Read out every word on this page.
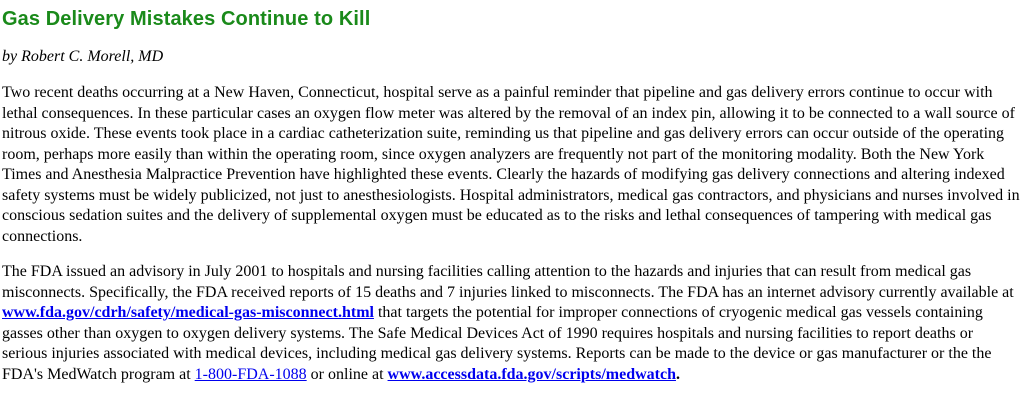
Gas Delivery Mistakes Continue to Kill

by Robert C. Morell, MD

Two recent deaths occurring at a New Haven, Connecticut, hospital serve as a painful reminder that pipeline and gas delivery errors continue to occur with lethal consequences. In these particular cases an oxygen flow meter was altered by the removal of an index pin, allowing it to be connected to a wall source of nitrous oxide. These events took place in a cardiac catheterization suite, reminding us that pipeline and gas delivery errors can occur outside of the operating room, perhaps more easily than within the operating room, since oxygen analyzers are frequently not part of the monitoring modality. Both the New York Times and Anesthesia Malpractice Prevention have highlighted these events. Clearly the hazards of modifying gas delivery connections and altering indexed safety systems must be widely publicized, not just to anesthesiologists. Hospital administrators, medical gas contractors, and physicians and nurses involved in conscious sedation suites and the delivery of supplemental oxygen must be educated as to the risks and lethal consequences of tampering with medical gas connections.

The FDA issued an advisory in July 2001 to hospitals and nursing facilities calling attention to the hazards and injuries that can result from medical gas misconnects. Specifically, the FDA received reports of 15 deaths and 7 injuries linked to misconnects. The FDA has an internet advisory currently available at www.fda.gov/cdrh/safety/medical-gas-misconnect.html that targets the potential for improper connections of cryogenic medical gas vessels containing gasses other than oxygen to oxygen delivery systems. The Safe Medical Devices Act of 1990 requires hospitals and nursing facilities to report deaths or serious injuries associated with medical devices, including medical gas delivery systems. Reports can be made to the device or gas manufacturer or the the FDA's MedWatch program at 1-800-FDA-1088 or online at www.accessdata.fda.gov/scripts/medwatch.
